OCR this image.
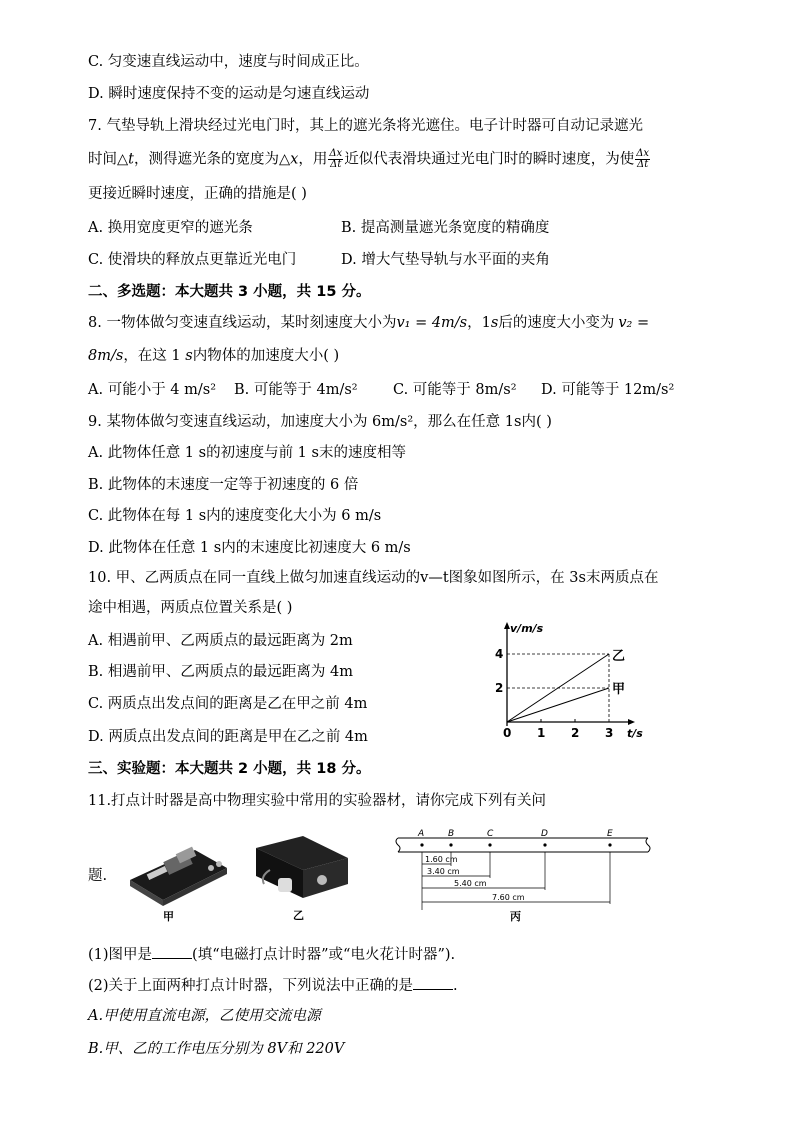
C. 匀变速直线运动中，速度与时间成正比。
D. 瞬时速度保持不变的运动是匀速直线运动
7. 气垫导轨上滑块经过光电门时，其上的遮光条将光遮住。电子计时器可自动记录遮光
时间△t，测得遮光条的宽度为△x，用 $\frac{\Delta x}{\Delta t}$ 近似代表滑块通过光电门时的瞬时速度，为使 $\frac{\Delta x}{\Delta t}$
更接近瞬时速度，正确的措施是( )
A. 换用宽度更窄的遮光条	B. 提高测量遮光条宽度的精确度
C. 使滑块的释放点更靠近光电门	D. 增大气垫导轨与水平面的夹角
二、多选题：本大题共 3 小题，共 15 分。
8. 一物体做匀变速直线运动，某时刻速度大小为v₁ = 4m/s，1s后的速度大小变为 v₂ =
8m/s，在这 1 s内物体的加速度大小( )
A. 可能小于 4 m/s² B. 可能等于 4m/s² C. 可能等于 8m/s² D. 可能等于 12m/s²
9. 某物体做匀变速直线运动，加速度大小为 6m/s²，那么在任意 1s内( )
A. 此物体任意 1 s的初速度与前 1 s末的速度相等
B. 此物体的末速度一定等于初速度的 6 倍
C. 此物体在每 1 s内的速度变化大小为 6 m/s
D. 此物体在任意 1 s内的末速度比初速度大 6 m/s
10. 甲、乙两质点在同一直线上做匀加速直线运动的v—t图象如图所示，在 3s末两质点在
途中相遇，两质点位置关系是( )
A. 相遇前甲、乙两质点的最远距离为 2m
B. 相遇前甲、乙两质点的最远距离为 4m
C. 两质点出发点间的距离是乙在甲之前 4m
D. 两质点出发点间的距离是甲在乙之前 4m
v/m/s
t/s
4
2
0 1 2 3
乙
甲
三、实验题：本大题共 2 小题，共 18 分。
11.打点计时器是高中物理实验中常用的实验器材，请你完成下列有关问
题.
甲	乙
A	B	C	D	E
1.60 cm
3.40 cm
5.40 cm
7.60 cm
丙
(1)图甲是	(填“电磁打点计时器”或“电火花计时器”).
(2)关于上面两种打点计时器，下列说法中正确的是	.
A.甲使用直流电源，乙使用交流电源
B.甲、乙的工作电压分别为 8V和 220V
